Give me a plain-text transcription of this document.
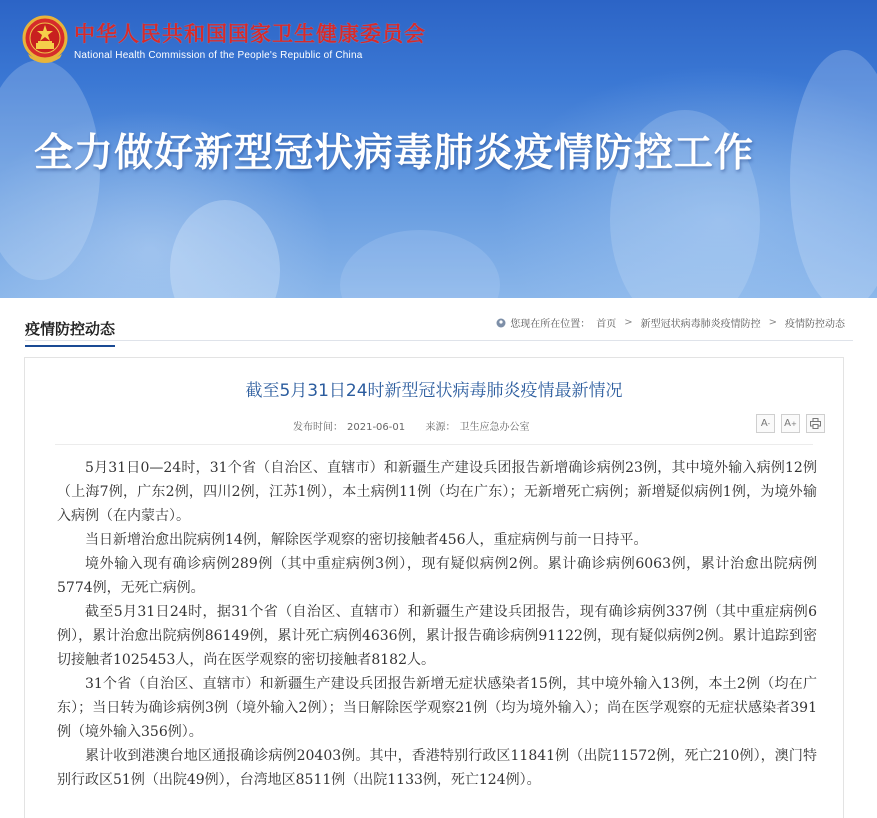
中华人民共和国国家卫生健康委员会
National Health Commission of the People's Republic of China
全力做好新型冠状病毒肺炎疫情防控工作
疫情防控动态	您现在所在位置： 首页 > 新型冠状病毒肺炎疫情防控 > 疫情防控动态
截至5月31日24时新型冠状病毒肺炎疫情最新情况
发布时间： 2021-06-01 来源： 卫生应急办公室	A - A +

5月31日0—24时，31个省（自治区、直辖市）和新疆生产建设兵团报告新增确诊病例23例，其中境外输入病例12例（上海7例，广东2例，四川2例，江苏1例），本土病例11例（均在广东）；无新增死亡病例；新增疑似病例1例，为境外输入病例（在内蒙古）。

当日新增治愈出院病例14例，解除医学观察的密切接触者456人，重症病例与前一日持平。

境外输入现有确诊病例289例（其中重症病例3例），现有疑似病例2例。累计确诊病例6063例，累计治愈出院病例5774例，无死亡病例。

截至5月31日24时，据31个省（自治区、直辖市）和新疆生产建设兵团报告，现有确诊病例337例（其中重症病例6例），累计治愈出院病例86149例，累计死亡病例4636例，累计报告确诊病例91122例，现有疑似病例2例。累计追踪到密切接触者1025453人，尚在医学观察的密切接触者8182人。

31个省（自治区、直辖市）和新疆生产建设兵团报告新增无症状感染者15例，其中境外输入13例，本土2例（均在广东）；当日转为确诊病例3例（境外输入2例）；当日解除医学观察21例（均为境外输入）；尚在医学观察的无症状感染者391例（境外输入356例）。

累计收到港澳台地区通报确诊病例20403例。其中，香港特别行政区11841例（出院11572例，死亡210例），澳门特别行政区51例（出院49例），台湾地区8511例（出院1133例，死亡124例）。
